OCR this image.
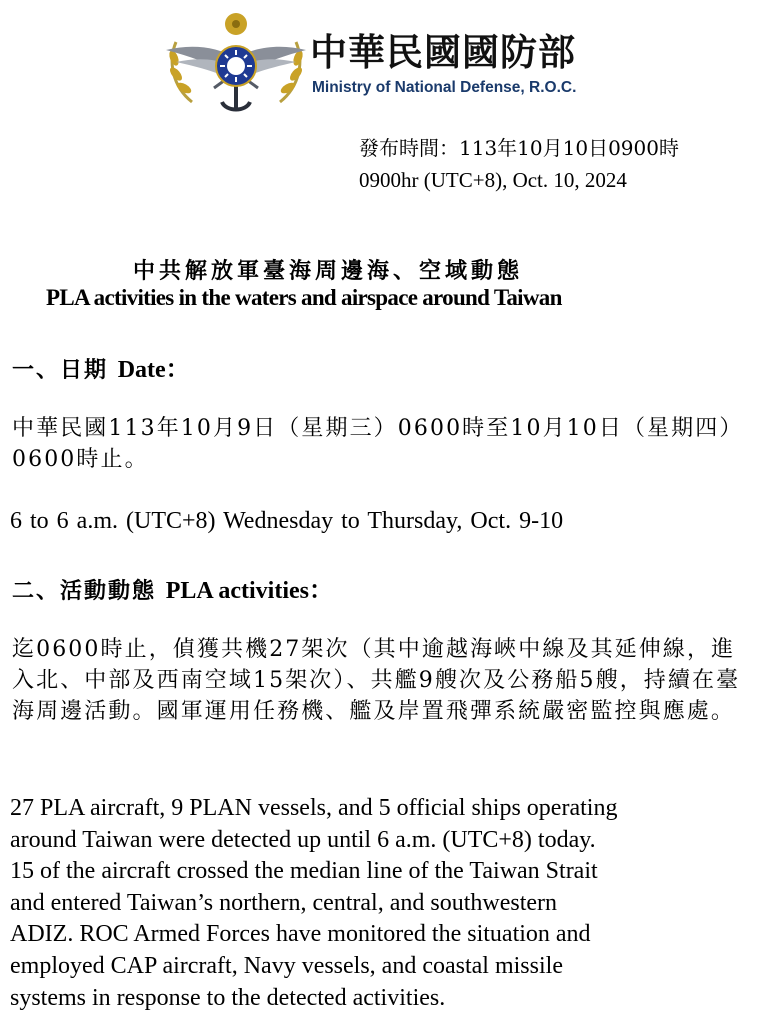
中華民國國防部
Ministry of National Defense, R.O.C.
發布時間：113年10月10日0900時
0900hr (UTC+8), Oct. 10, 2024
中共解放軍臺海周邊海、空域動態
PLA activities in the waters and airspace around Taiwan
一、日期 Date：
中華民國113年10月9日（星期三）0600時至10月10日（星期四）0600時止。
6 to 6 a.m. (UTC+8) Wednesday to Thursday, Oct. 9-10
二、活動動態 PLA activities：
迄0600時止，偵獲共機27架次（其中逾越海峽中線及其延伸線，進入北、中部及西南空域15架次）、共艦9艘次及公務船5艘，持續在臺海周邊活動。國軍運用任務機、艦及岸置飛彈系統嚴密監控與應處。
27 PLA aircraft, 9 PLAN vessels, and 5 official ships operating
around Taiwan were detected up until 6 a.m. (UTC+8) today.
15 of the aircraft crossed the median line of the Taiwan Strait
and entered Taiwan’s northern, central, and southwestern
ADIZ. ROC Armed Forces have monitored the situation and
employed CAP aircraft, Navy vessels, and coastal missile
systems in response to the detected activities.
